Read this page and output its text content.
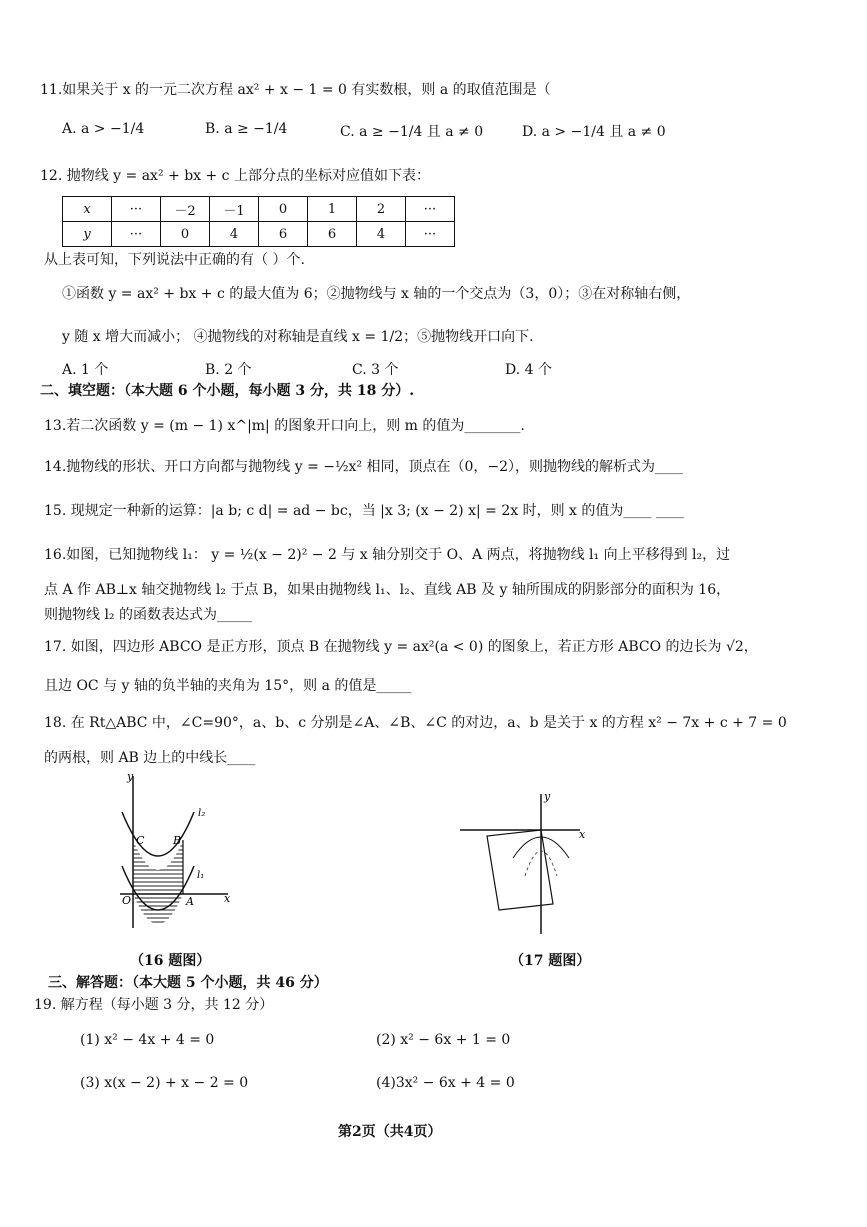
11.如果关于 x 的一元二次方程 ax² + x − 1 = 0 有实数根，则 a 的取值范围是（
A. a > −1/4	B. a ≥ −1/4	C. a ≥ −1/4 且 a ≠ 0	D. a > −1/4 且 a ≠ 0
12. 抛物线 y = ax² + bx + c 上部分点的坐标对应值如下表：
x	···	－2	－1	0	1	2	···
y	···	0	4	6	6	4	···
从上表可知，下列说法中正确的有（ ）个.
①函数 y = ax² + bx + c 的最大值为 6；②抛物线与 x 轴的一个交点为（3，0）；③在对称轴右侧，
y 随 x 增大而减小； ④抛物线的对称轴是直线 x = 1/2；⑤抛物线开口向下.
A. 1 个	B. 2 个	C. 3 个	D. 4 个
二、填空题：（本大题 6 个小题，每小题 3 分，共 18 分）.
13.若二次函数 y = (m − 1) x^|m| 的图象开口向上，则 m 的值为________.
14.抛物线的形状、开口方向都与抛物线 y = −½x² 相同，顶点在（0，−2），则抛物线的解析式为____
15. 现规定一种新的运算：|a b; c d| = ad − bc，当 |x 3; (x − 2) x| = 2x 时，则 x 的值为____ ____
16.如图，已知抛物线 l₁： y = ½(x − 2)² − 2 与 x 轴分别交于 O、A 两点，将抛物线 l₁ 向上平移得到 l₂，过
点 A 作 AB⊥x 轴交抛物线 l₂ 于点 B，如果由抛物线 l₁、l₂、直线 AB 及 y 轴所围成的阴影部分的面积为 16，
则抛物线 l₂ 的函数表达式为_____
17. 如图，四边形 ABCO 是正方形，顶点 B 在抛物线 y = ax²(a < 0) 的图象上，若正方形 ABCO 的边长为 √2，
且边 OC 与 y 轴的负半轴的夹角为 15°，则 a 的值是_____
18. 在 Rt△ABC 中，∠C=90°，a、b、c 分别是∠A、∠B、∠C 的对边，a、b 是关于 x 的方程 x² − 7x + c + 7 = 0
的两根，则 AB 边上的中线长____
y
x
O	A
B
C
l₁
l₂
（16 题图）
y
x
（17 题图）
三、解答题：（本大题 5 个小题，共 46 分）
19. 解方程（每小题 3 分，共 12 分）
(1) x² − 4x + 4 = 0	(2) x² − 6x + 1 = 0
(3) x(x − 2) + x − 2 = 0	(4)3x² − 6x + 4 = 0
第2页（共4页）
